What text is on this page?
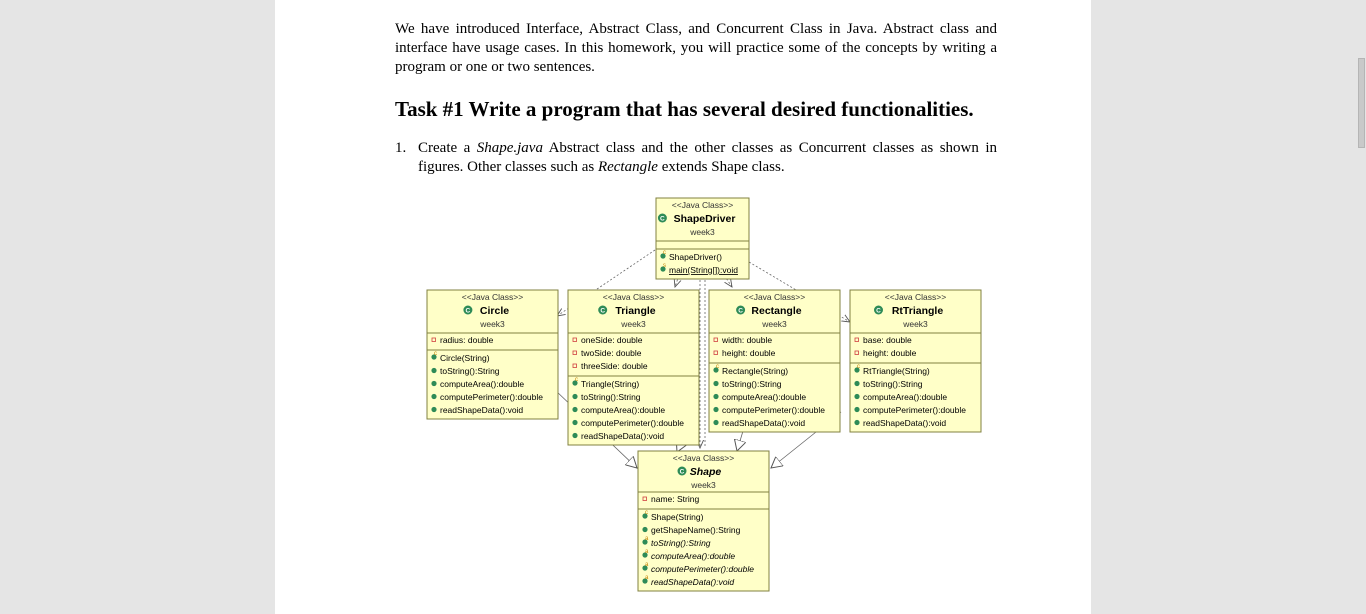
We have introduced Interface, Abstract Class, and Concurrent Class in Java. Abstract class and interface have usage cases. In this homework, you will practice some of the concepts by writing a program or one or two sentences.

Task #1 Write a program that has several desired functionalities.
1. Create a Shape.java Abstract class and the other classes as Concurrent classes as shown in figures. Other classes such as Rectangle extends Shape class.
<<Java Class>>
C ShapeDriver
week3
c ShapeDriver()
s main(String[]):void
<<Java Class>>
C Circle
week3
radius: double
c Circle(String)
toString():String
computeArea():double
computePerimeter():double
readShapeData():void
<<Java Class>>
C Triangle
week3
oneSide: double
twoSide: double
threeSide: double
c Triangle(String)
toString():String
computeArea():double
computePerimeter():double
readShapeData():void
<<Java Class>>
C Rectangle
week3
width: double
height: double
c Rectangle(String)
toString():String
computeArea():double
computePerimeter():double
readShapeData():void
<<Java Class>>
C RtTriangle
week3
base: double
height: double
c RtTriangle(String)
toString():String
computeArea():double
computePerimeter():double
readShapeData():void
<<Java Class>>
C Shape
week3
name: String
c Shape(String)
getShapeName():String
a toString():String
a computeArea():double
a computePerimeter():double
a readShapeData():void
